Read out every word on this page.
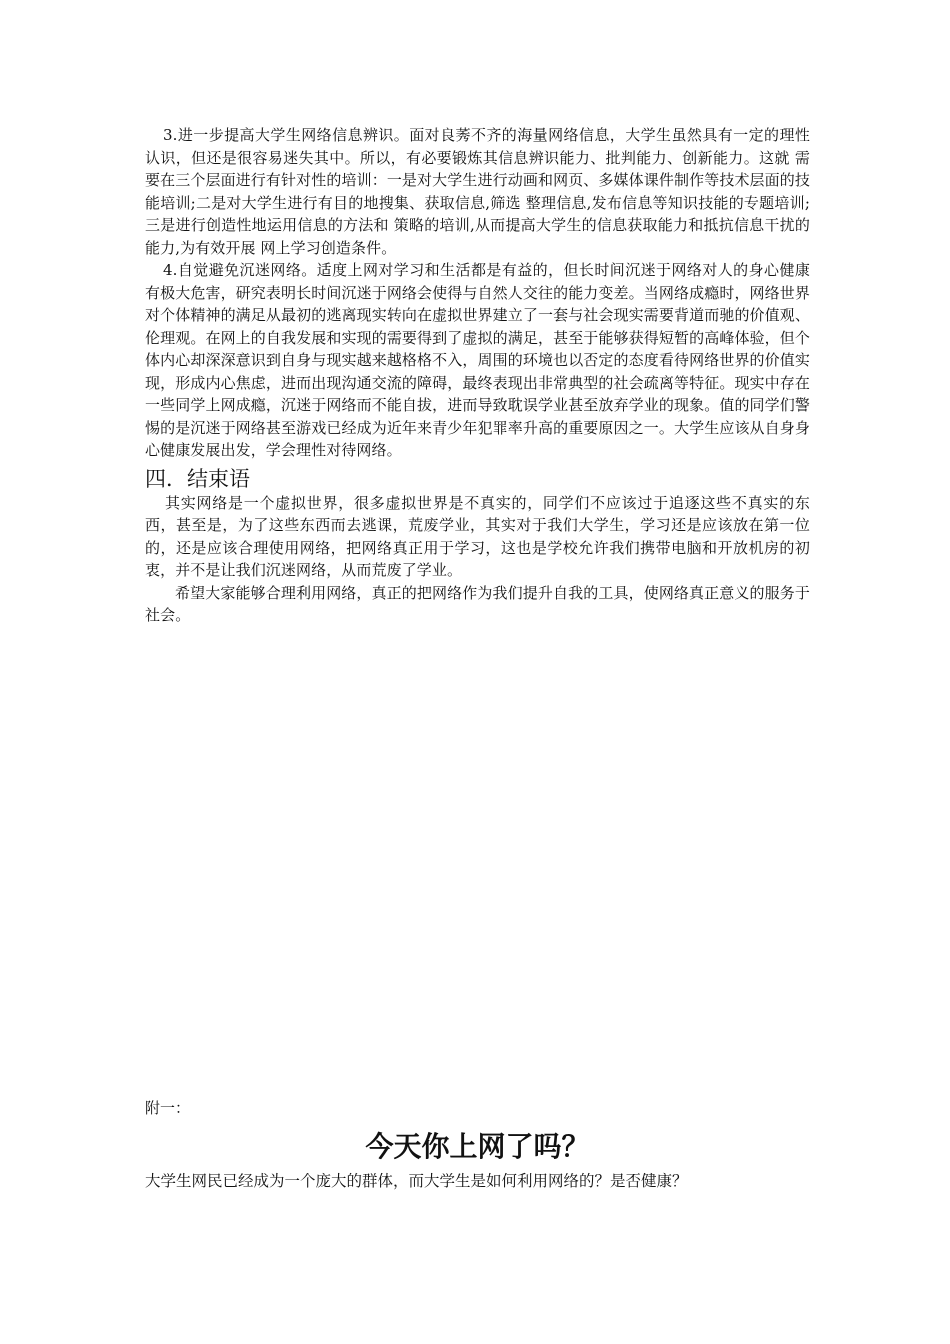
3.进一步提高大学生网络信息辨识。面对良莠不齐的海量网络信息，大学生虽然具有一定的理性认识，但还是很容易迷失其中。所以，有必要锻炼其信息辨识能力、批判能力、创新能力。这就 需要在三个层面进行有针对性的培训：一是对大学生进行动画和网页、多媒体课件制作等技术层面的技能培训;二是对大学生进行有目的地搜集、获取信息,筛选 整理信息,发布信息等知识技能的专题培训;三是进行创造性地运用信息的方法和 策略的培训,从而提高大学生的信息获取能力和抵抗信息干扰的能力,为有效开展 网上学习创造条件。

4.自觉避免沉迷网络。适度上网对学习和生活都是有益的，但长时间沉迷于网络对人的身心健康有极大危害，研究表明长时间沉迷于网络会使得与自然人交往的能力变差。当网络成瘾时，网络世界对个体精神的满足从最初的逃离现实转向在虚拟世界建立了一套与社会现实需要背道而驰的价值观、伦理观。在网上的自我发展和实现的需要得到了虚拟的满足，甚至于能够获得短暂的高峰体验，但个体内心却深深意识到自身与现实越来越格格不入，周围的环境也以否定的态度看待网络世界的价值实现，形成内心焦虑，进而出现沟通交流的障碍，最终表现出非常典型的社会疏离等特征。现实中存在一些同学上网成瘾，沉迷于网络而不能自拔，进而导致耽误学业甚至放弃学业的现象。值的同学们警惕的是沉迷于网络甚至游戏已经成为近年来青少年犯罪率升高的重要原因之一。大学生应该从自身身心健康发展出发，学会理性对待网络。

四．结束语

其实网络是一个虚拟世界，很多虚拟世界是不真实的，同学们不应该过于追逐这些不真实的东西，甚至是，为了这些东西而去逃课，荒废学业，其实对于我们大学生，学习还是应该放在第一位的，还是应该合理使用网络，把网络真正用于学习，这也是学校允许我们携带电脑和开放机房的初衷，并不是让我们沉迷网络，从而荒废了学业。

希望大家能够合理利用网络，真正的把网络作为我们提升自我的工具，使网络真正意义的服务于社会。

附一：

今天你上网了吗？

大学生网民已经成为一个庞大的群体，而大学生是如何利用网络的？是否健康？
